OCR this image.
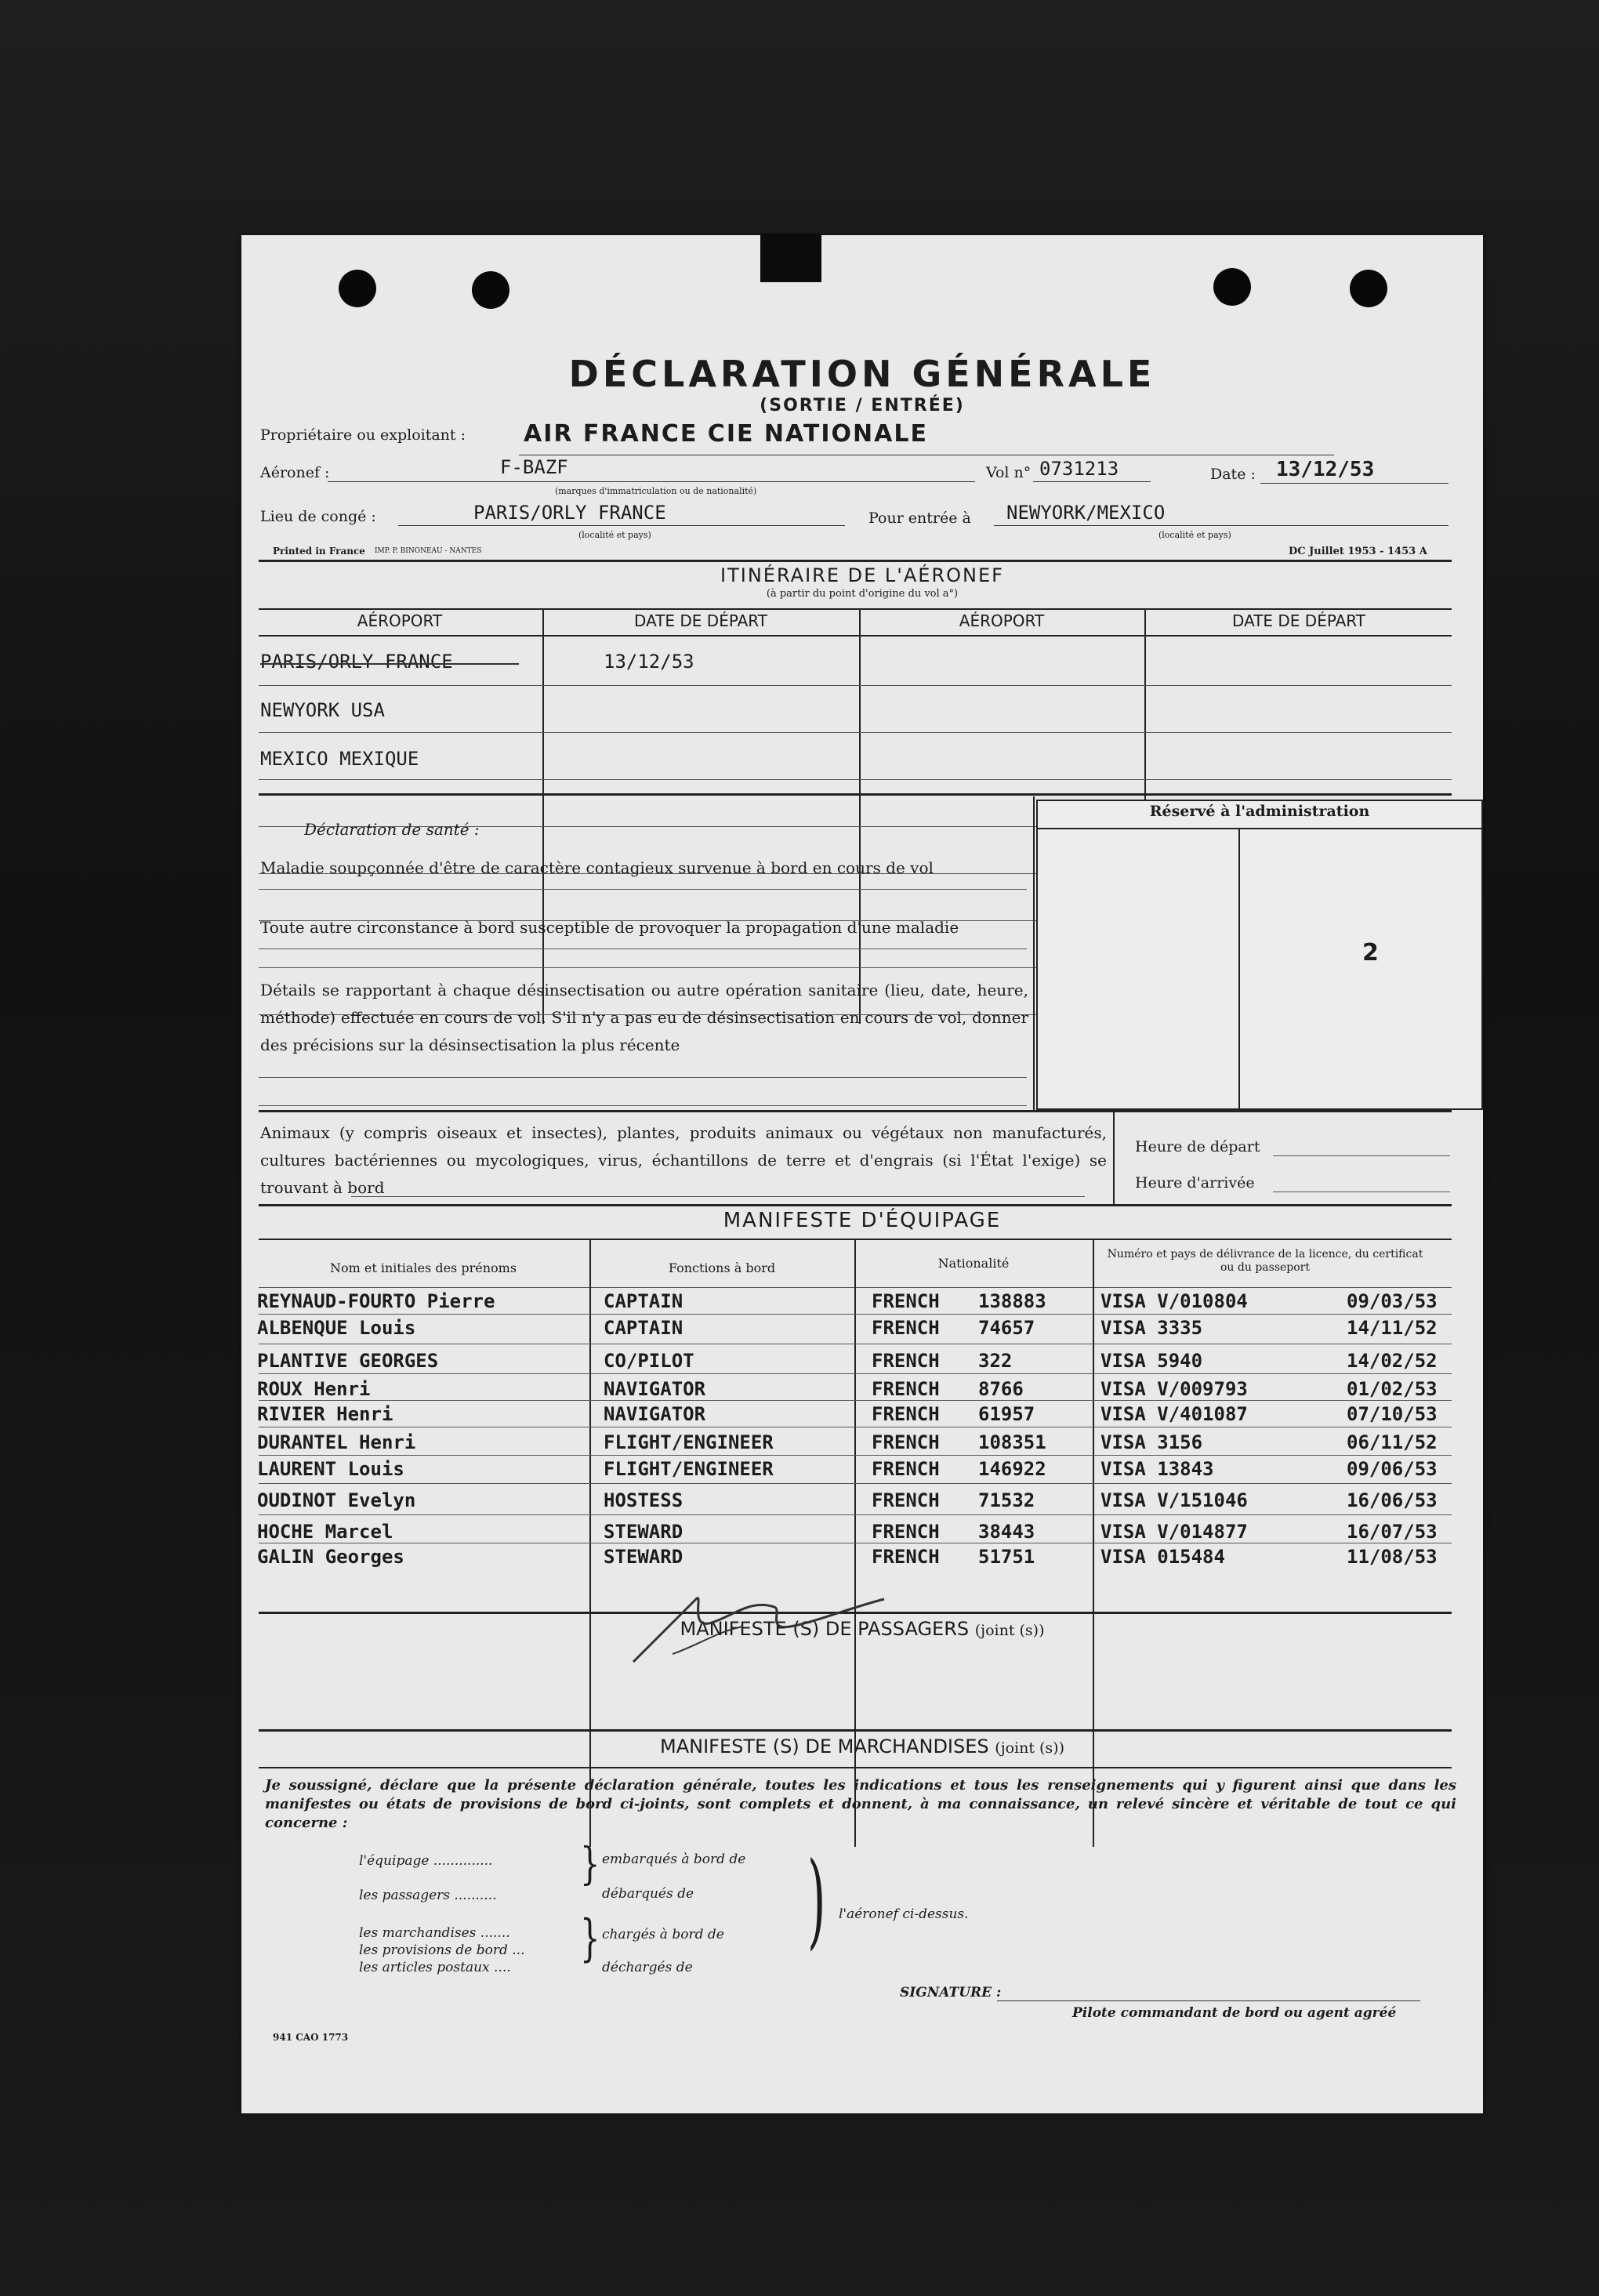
DÉCLARATION GÉNÉRALE
(SORTIE / ENTRÉE)
Propriétaire ou exploitant : AIR FRANCE CIE NATIONALE
Aéronef :	F-BAZF
(marques d'immatriculation ou de nationalité)
Vol n° 0731213	Date : 13/12/53
Lieu de congé :	PARIS/ORLY FRANCE
(localité et pays)
Pour entrée à NEWYORK/MEXICO
(localité et pays)
Printed in France IMP. P. BINONEAU - NANTES	DC Juillet 1953 - 1453 A
ITINÉRAIRE DE L'AÉRONEF
(à partir du point d'origine du vol a°)
AÉROPORT	DATE DE DÉPART	AÉROPORT	DATE DE DÉPART
PARIS/ORLY FRANCE	13/12/53
NEWYORK USA
MEXICO MEXIQUE
Déclaration de santé :
Maladie soupçonnée d'être de caractère contagieux survenue à bord en cours de vol
Toute autre circonstance à bord susceptible de provoquer la propagation d'une maladie
Détails se rapportant à chaque désinsectisation ou autre opération sanitaire (lieu, date, heure, méthode) effectuée en cours de vol. S'il n'y a pas eu de désinsectisation en cours de vol, donner des précisions sur la désinsectisation la plus récente
Réservé à l'administration
2
Animaux (y compris oiseaux et insectes), plantes, produits animaux ou végétaux non manufacturés, cultures bactériennes ou mycologiques, virus, échantillons de terre et d'engrais (si l'État l'exige) se trouvant à bord
Heure de départ
Heure d'arrivée
MANIFESTE D'ÉQUIPAGE
Nom et initiales des prénoms	Fonctions à bord	Nationalité
Numéro et pays de délivrance de la licence, du certificat ou du passeport
REYNAUD-FOURTO Pierre	CAPTAIN	FRENCH 138883	VISA V/010804	09/03/53
ALBENQUE Louis	CAPTAIN	FRENCH 74657	VISA 3335	14/11/52
PLANTIVE GEORGES	CO/PILOT	FRENCH 322	VISA 5940	14/02/52
ROUX Henri	NAVIGATOR	FRENCH 8766	VISA V/009793	01/02/53
RIVIER Henri	NAVIGATOR	FRENCH 61957	VISA V/401087	07/10/53
DURANTEL Henri	FLIGHT/ENGINEER	FRENCH 108351	VISA 3156	06/11/52
LAURENT Louis	FLIGHT/ENGINEER	FRENCH 146922	VISA 13843	09/06/53
OUDINOT Evelyn	HOSTESS	FRENCH 71532	VISA V/151046	16/06/53
HOCHE Marcel	STEWARD	FRENCH 38443	VISA V/014877	16/07/53
GALIN Georges	STEWARD	FRENCH 51751	VISA 015484	11/08/53
MANIFESTE (S) DE PASSAGERS (joint (s))
MANIFESTE (S) DE MARCHANDISES (joint (s))
Je soussigné, déclare que la présente déclaration générale, toutes les indications et tous les renseignements qui y figurent ainsi que dans les manifestes ou états de provisions de bord ci-joints, sont complets et donnent, à ma connaissance, un relevé sincère et véritable de tout ce qui concerne :
l'équipage ..............
les passagers ..........
les marchandises .......
les provisions de bord ...
les articles postaux ....
}
}
embarqués à bord de
débarqués de
chargés à bord de
déchargés de
) l'aéronef ci-dessus.
SIGNATURE :
Pilote commandant de bord ou agent agréé
941 CAO 1773
